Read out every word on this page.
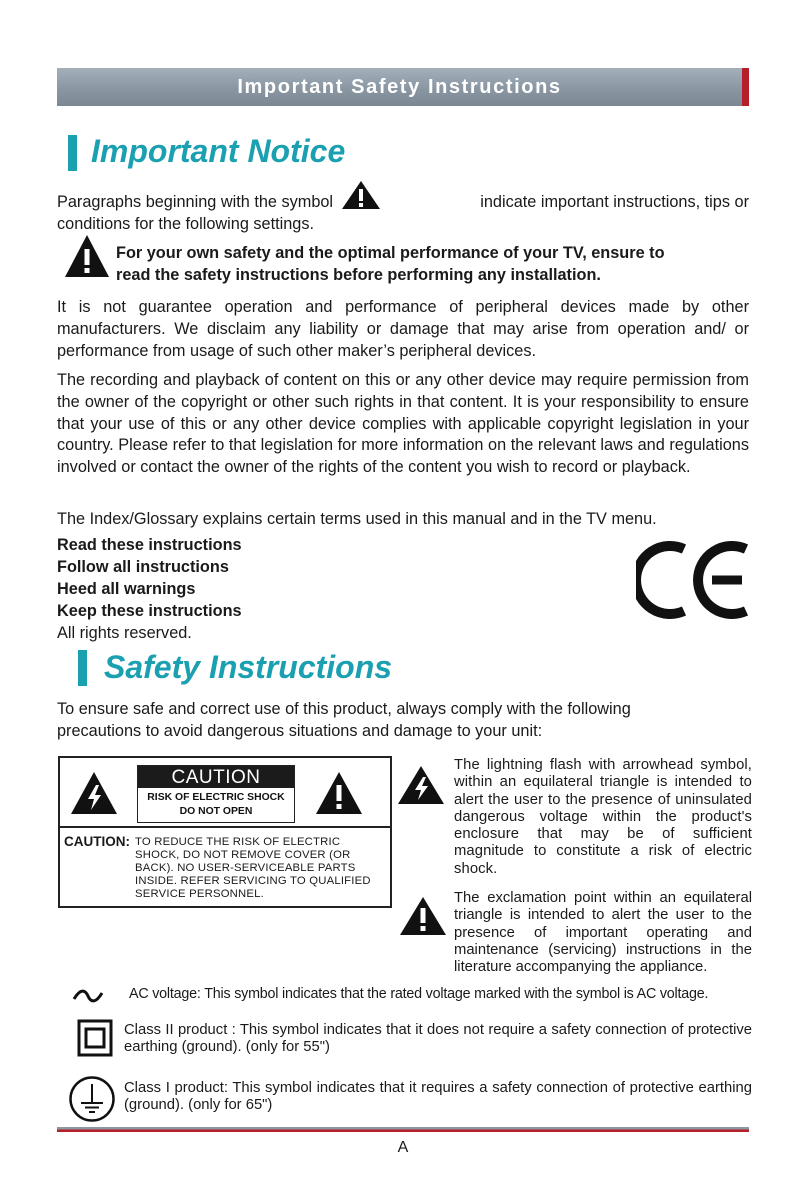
Important Safety Instructions
Important Notice
Paragraphs beginning with the symbol	indicate important instructions, tips or
conditions for the following settings.
For your own safety and the optimal performance of your TV, ensure to
read the safety instructions before performing any installation.

It is not guarantee operation and performance of peripheral devices made by other manufacturers. We disclaim any liability or damage that may arise from operation and/ or performance from usage of such other maker’s peripheral devices.

The recording and playback of content on this or any other device may require permission from the owner of the copyright or other such rights in that content. It is your responsibility to ensure that your use of this or any other device complies with applicable copyright legislation in your country. Please refer to that legislation for more information on the relevant laws and regulations involved or contact the owner of the rights of the content you wish to record or playback.

The Index/Glossary explains certain terms used in this manual and in the TV menu.

Read these instructions
Follow all instructions
Heed all warnings
Keep these instructions
All rights reserved.
Safety Instructions
To ensure safe and correct use of this product, always comply with the following
precautions to avoid dangerous situations and damage to your unit:
CAUTION
RISK OF ELECTRIC SHOCK
DO NOT OPEN
CAUTION: TO REDUCE THE RISK OF ELECTRIC
SHOCK, DO NOT REMOVE COVER (OR
BACK). NO USER-SERVICEABLE PARTS
INSIDE. REFER SERVICING TO QUALIFIED
SERVICE PERSONNEL.
The lightning flash with arrowhead symbol, within an equilateral triangle is intended to alert the user to the presence of uninsulated dangerous voltage within the product's enclosure that may be of sufficient magnitude to constitute a risk of electric shock.
The exclamation point within an equilateral triangle is intended to alert the user to the presence of important operating and maintenance (servicing) instructions in the literature accompanying the appliance.
AC voltage: This symbol indicates that the rated voltage marked with the symbol is AC voltage.
Class II product : This symbol indicates that it does not require a safety connection of protective earthing (ground). (only for 55")
Class I product: This symbol indicates that it requires a safety connection of protective earthing (ground). (only for 65")
A
